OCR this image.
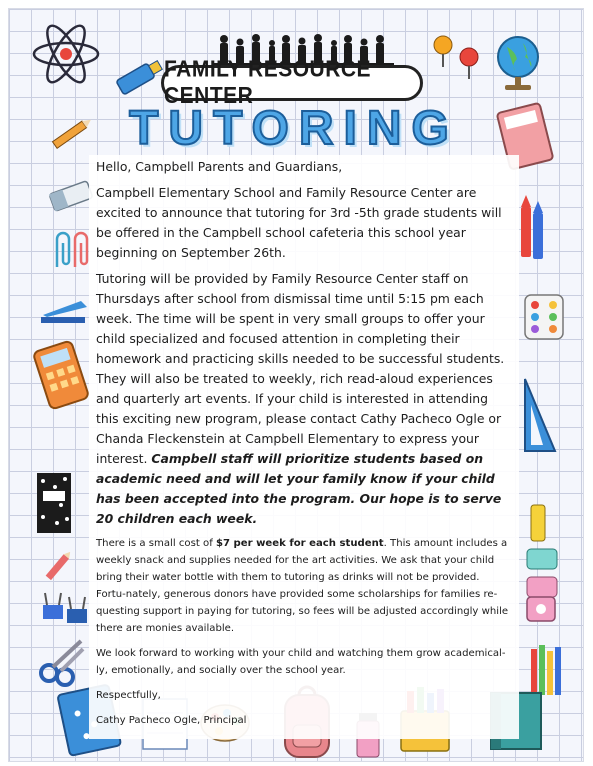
FAMILY RESOURCE CENTER
TUTORING

Hello, Campbell Parents and Guardians,

Campbell Elementary School and Family Resource Center are excited to announce that tutoring for 3rd -5th grade students will be offered in the Campbell school cafeteria this school year beginning on September 26th.

Tutoring will be provided by Family Resource Center staff on Thursdays after school from dismissal time until 5:15 pm each week. The time will be spent in very small groups to offer your child specialized and focused attention in completing their homework and practicing skills needed to be successful students. They will also be treated to weekly, rich read-aloud experiences and quarterly art events. If your child is interested in attending this exciting new program, please contact Cathy Pacheco Ogle or Chanda Fleckenstein at Campbell Elementary to express your interest. Campbell staff will prioritize students based on academic need and will let your family know if your child has been accepted into the program. Our hope is to serve 20 children each week.

There is a small cost of $7 per week for each student. This amount includes a weekly snack and supplies needed for the art activities. We ask that your child bring their water bottle with them to tutoring as drinks will not be provided. Fortu-nately, generous donors have provided some scholarships for families re-questing support in paying for tutoring, so fees will be adjusted accordingly while there are monies available.

We look forward to working with your child and watching them grow academical-ly, emotionally, and socially over the school year.

Respectfully,

Cathy Pacheco Ogle, Principal
